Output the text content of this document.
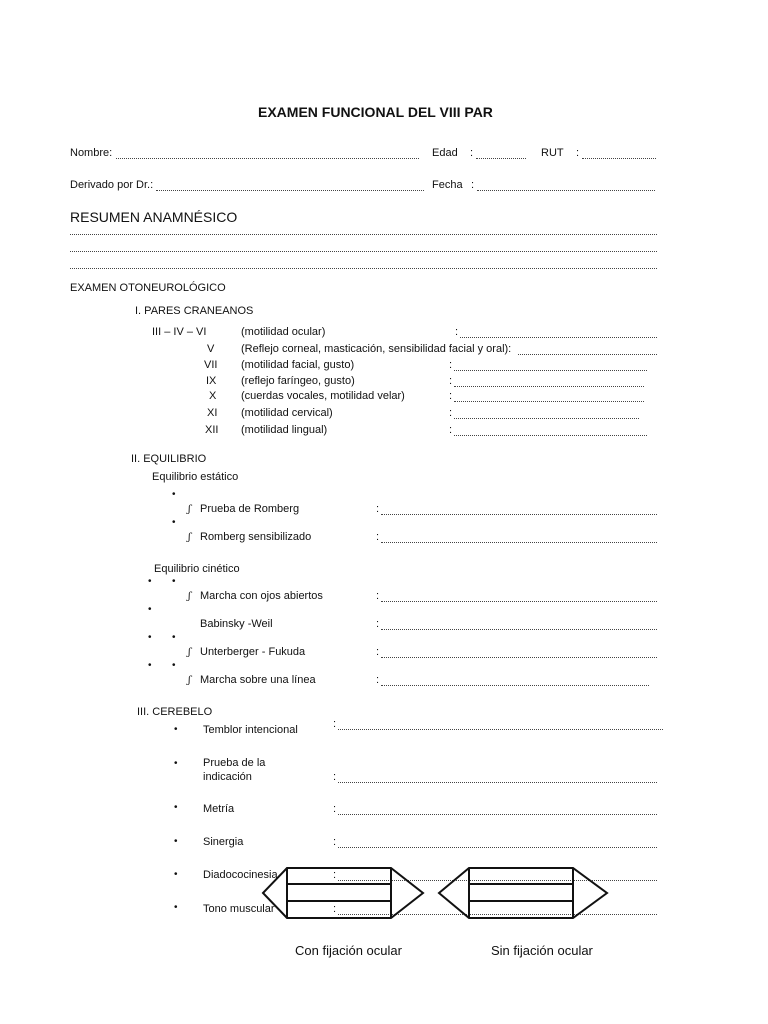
EXAMEN FUNCIONAL DEL VIII PAR
Nombre:	Edad :	RUT :
Derivado por Dr.:	Fecha :
RESUMEN ANAMNÉSICO
EXAMEN OTONEUROLÓGICO
I. PARES CRANEANOS
III – IV – VI	(motilidad ocular)	:
V (Reflejo corneal, masticación, sensibilidad facial y oral):
VII (motilidad facial, gusto)	:
IX (reflejo faríngeo, gusto)	:
X (cuerdas vocales, motilidad velar)	:
XI (motilidad cervical)	:
XII (motilidad lingual)	:
II. EQUILIBRIO
Equilibrio estático
•
ʃ Prueba de Romberg	:
•
ʃ Romberg sensibilizado	:
Equilibrio cinético
• •
ʃ Marcha con ojos abiertos	:
•
Babinsky -Weil	:
• •
ʃ Unterberger - Fukuda	:
• •
ʃ Marcha sobre una línea	:
III. CEREBELO
• Temblor intencional	:
• Prueba de la
indicación	:
• Metría	:
• Sinergia	:
• Diadococinesia	:
• Tono muscular	:
Con fijación ocular	Sin fijación ocular
